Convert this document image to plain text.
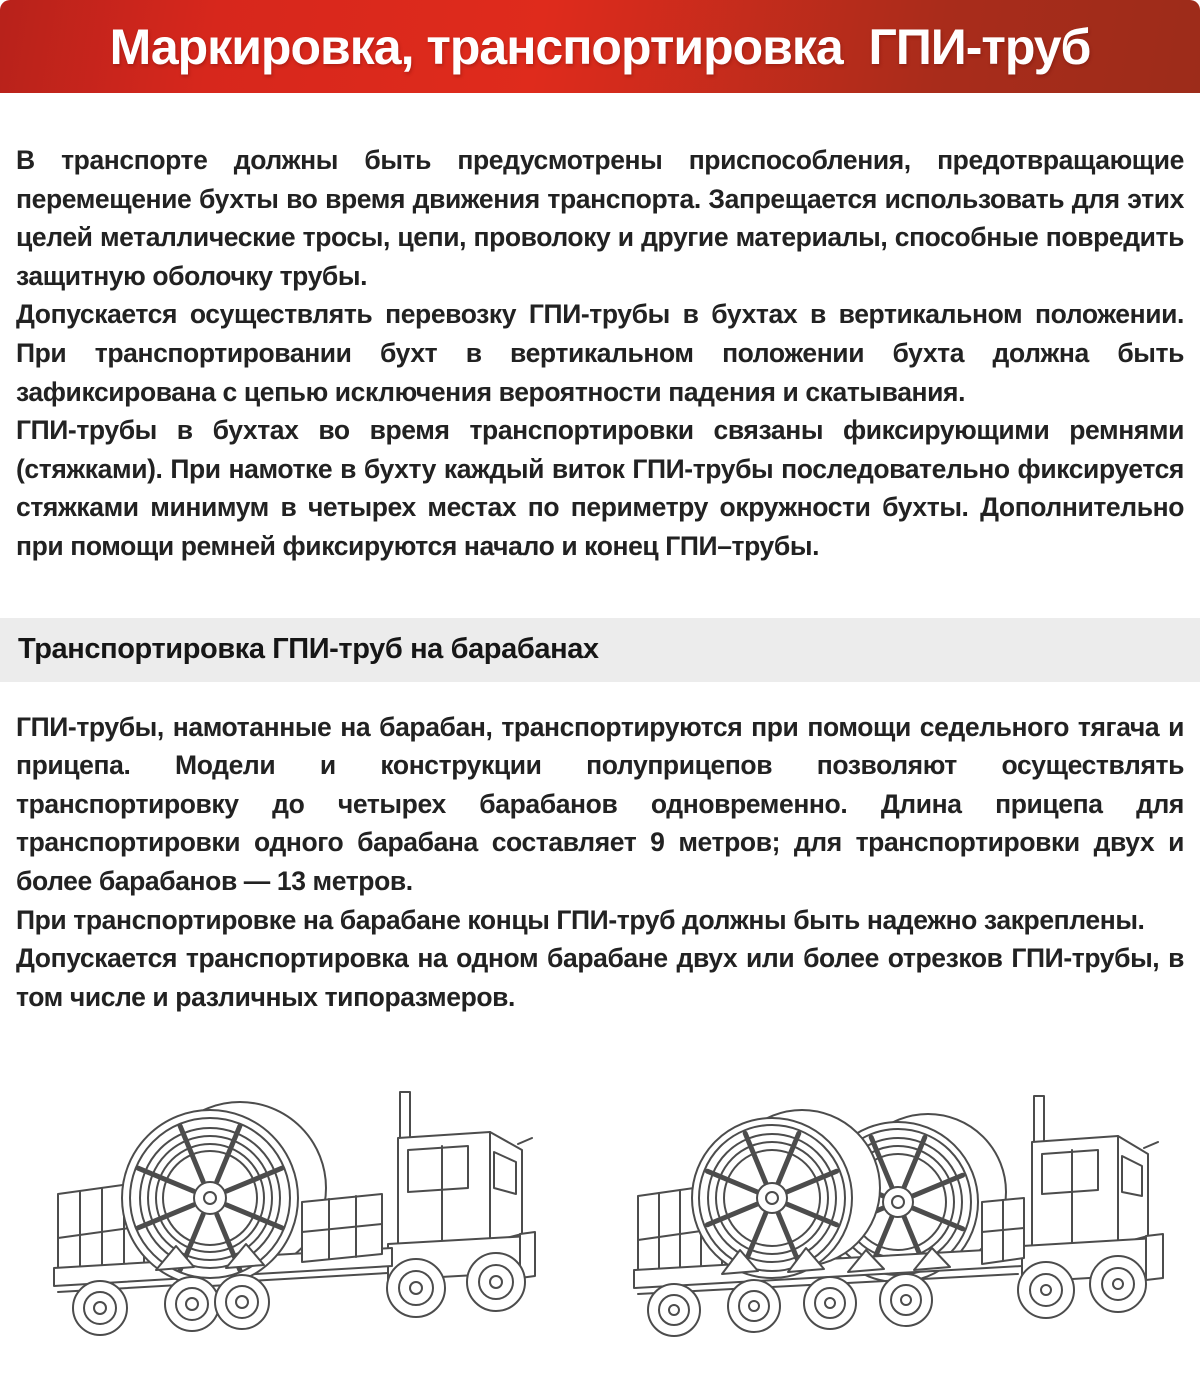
Маркировка, транспортировка  ГПИ-труб

В транспорте должны быть предусмотрены приспособления, предотвращающие перемещение бухты во время движения транспорта. Запрещается использовать для этих целей металлические тросы, цепи, проволоку и другие материалы, способные повредить защитную оболочку трубы.

Допускается осуществлять перевозку ГПИ-трубы в бухтах в вертикальном положении. При транспортировании бухт в вертикальном положении бухта должна быть зафиксирована с цепью исключения вероятности падения и скатывания.

ГПИ-трубы в бухтах во время транспортировки связаны фиксирующими ремнями (стяжками). При намотке в бухту каждый виток ГПИ-трубы последовательно фиксируется стяжками минимум в четырех местах по периметру окружности бухты. Дополнительно при помощи ремней фиксируются начало и конец ГПИ–трубы.

Транспортировка ГПИ-труб на барабанах

ГПИ-трубы, намотанные на барабан, транспортируются при помощи седельного тягача и прицепа. Модели и конструкции полуприцепов позволяют осуществлять транспортировку до четырех барабанов одновременно. Длина прицепа для транспортировки одного барабана составляет 9 метров; для транспортировки двух и более барабанов — 13 метров.

При транспортировке на барабане концы ГПИ-труб должны быть надежно закреплены.

Допускается транспортировка на одном барабане двух или более отрезков ГПИ-трубы, в том числе и различных типоразмеров.
